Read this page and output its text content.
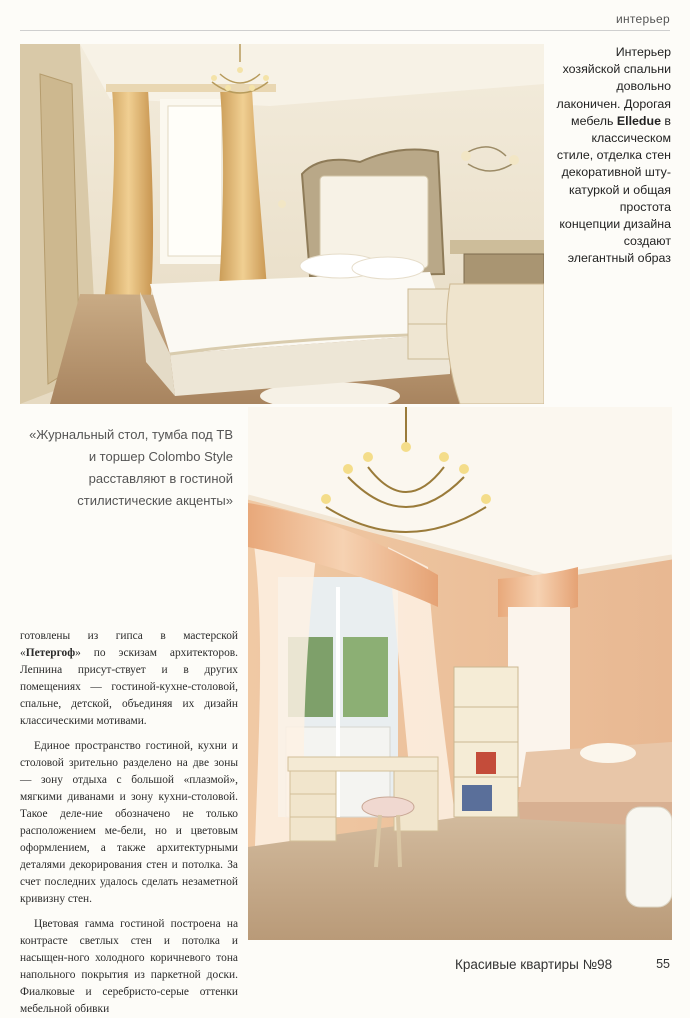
интерьер
Интерьер хозяйской спальни довольно лаконичен. Дорогая мебель Elledue в классическом стиле, отделка стен декоративной шту-катуркой и общая простота концепции дизайна создают элегантный образ
«Журнальный стол, тумба под ТВ и торшер Colombo Style расставляют в гостиной стилистические акценты»

готовлены из гипса в мастерской «Петергоф» по эскизам архитекторов. Лепнина присут-ствует и в других помещениях — гостиной-кухне-столовой, спальне, детской, объединяя их дизайн классическими мотивами.

Единое пространство гостиной, кухни и столовой зрительно разделено на две зоны — зону отдыха с большой «плазмой», мягкими диванами и зону кухни-столовой. Такое деле-ние обозначено не только расположением ме-бели, но и цветовым оформлением, а также архитектурными деталями декорирования стен и потолка. За счет последних удалось сделать незаметной кривизну стен.

Цветовая гамма гостиной построена на контрасте светлых стен и потолка и насыщен-ного холодного коричневого тона напольного покрытия из паркетной доски. Фиалковые и серебристо-серые оттенки мебельной обивки

Красивые квартиры №98	55
